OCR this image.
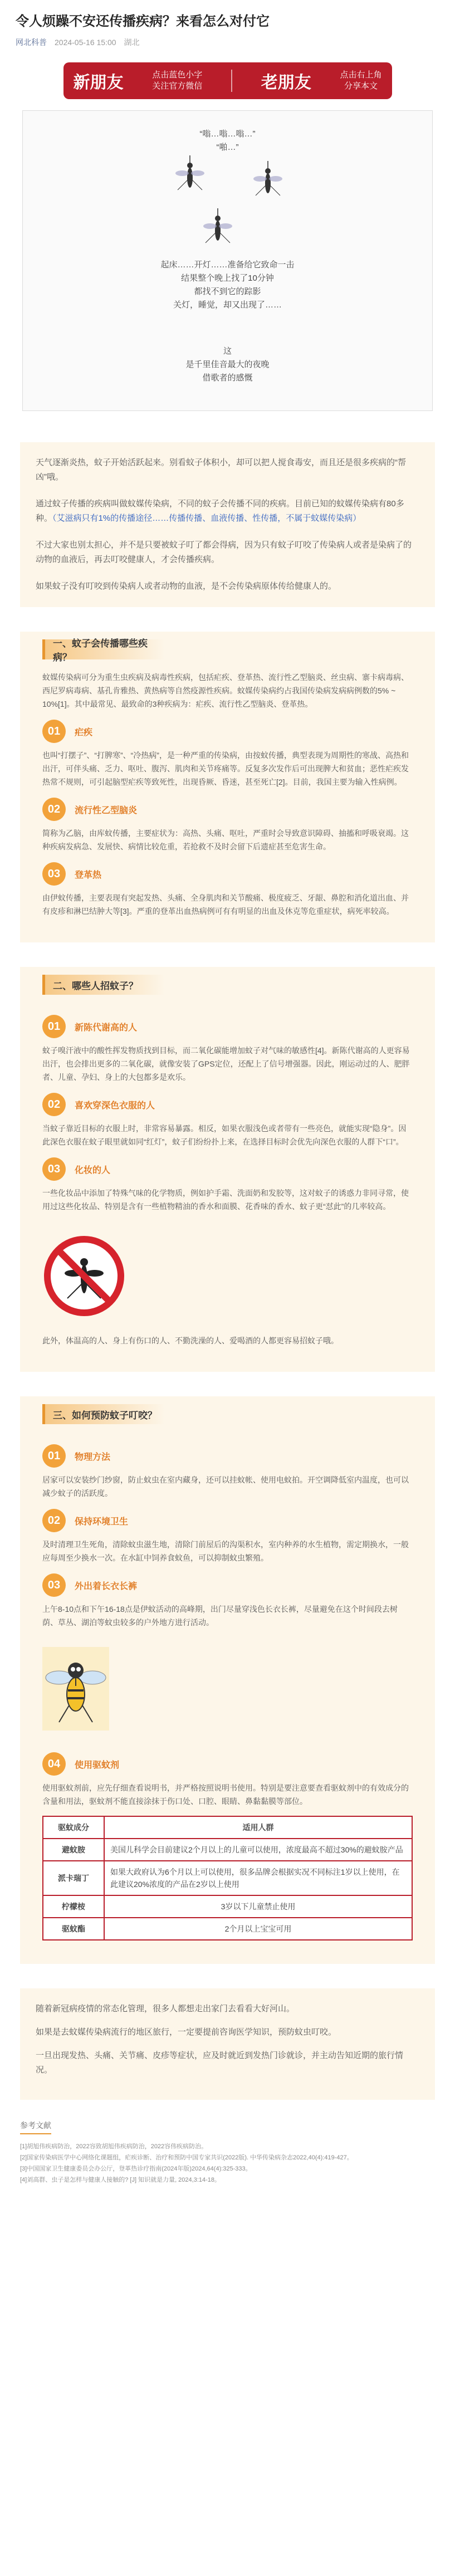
令人烦躁不安还传播疾病？来看怎么对付它
网北科普 2024-05-16 15:00 湖北
新朋友	点击蓝色小字
关注官方微信	老朋友	点击右上角
分享本文
“嗡…嗡…嗡…”
“啪…”
起床……开灯……准备给它致命一击
结果整个晚上找了10分钟
都找不到它的踪影
关灯，睡觉，却又出现了……
这
是千里佳音最大的夜晚
借歌者的感慨

天气逐渐炎热，蚊子开始活跃起来。别看蚊子体积小，却可以把人搅食毒安，而且还是很多疾病的“帮凶”哦。

通过蚊子传播的疾病叫做蚊媒传染病，不同的蚊子会传播不同的疾病。目前已知的蚊媒传染病有80多种。（艾滋病只有1%的传播途径……传播传播、血液传播、性传播，不属于蚊媒传染病）

不过大家也别太担心，并不是只要被蚊子叮了都会得病，因为只有蚊子叮咬了传染病人或者是染病了的动物的血液后，再去叮咬健康人，才会传播疾病。

如果蚊子没有叮咬到传染病人或者动物的血液，是不会传染病原体传给健康人的。

一、蚊子会传播哪些疾病？

蚊媒传染病可分为重生虫疾病及病毒性疾病，包括疟疾、登革热、流行性乙型脑炎、丝虫病、寨卡病毒病、西尼罗病毒病、基孔肯雅热、黄热病等自然疫源性疾病。蚊媒传染病约占我国传染病发病病例数的5% ~ 10%[1]。其中最常见、最致命的3种疾病为：疟疾、流行性乙型脑炎、登革热。

01	疟疾

也叫“打摆子”、“打脾寒”、“冷热病”，是一种严重的传染病，由按蚊传播，典型表现为周期性的寒战、高热和出汗，可伴头痛、乏力、呕吐、腹泻、肌肉和关节疼痛等。反复多次发作后可出现脾大和贫血；恶性疟疾发热常不规则，可引起脑型疟疾等致死性，出现昏厥、昏迷，甚至死亡[2]。目前，我国主要为输入性病例。

02	流行性乙型脑炎

简称为乙脑，由库蚊传播，主要症状为：高热、头痛、呕吐，严重时会导致意识障碍、抽搐和呼吸衰竭。这种疾病发病急、发展快、病情比较危重，若抢救不及时会留下后遗症甚至危害生命。

03	登革热

由伊蚊传播，主要表现有突起发热、头痛、全身肌肉和关节酸痛、极度疲乏、牙龈、鼻腔和消化道出血、并有皮疹和淋巴结肿大等[3]。严重的登革出血热病例可有有明显的出血及休克等危重症状，病死率较高。

二、哪些人招蚊子？
01	新陈代谢高的人

蚊子嗅汗液中的酸性挥发物质找到目标，而二氧化碳能增加蚊子对气味的敏感性[4]。新陈代谢高的人更容易出汗，也会排出更多的二氧化碳，就像安装了GPS定位，还配上了信号增强器。因此，刚运动过的人、肥胖者、儿童、孕妇、身上的大包都多是欢乐。

02	喜欢穿深色衣服的人

当蚊子靠近目标的衣服上时，非常容易暴露。相反，如果衣服浅色或者带有一些亮色，就能实现“隐身”。因此深色衣服在蚊子眼里就如同“红灯”，蚊子们纷纷扑上来，在选择目标时会优先向深色衣服的人群下“口”。

03	化妆的人

一些化妆品中添加了特殊气味的化学物质，例如护手霜、洗面奶和发胶等，这对蚊子的诱惑力非同寻常，使用过这些化妆品、特别是含有一些植物精油的香水和面膜、花香味的香水、蚊子更“怼此”的几率较高。

此外，体温高的人、身上有伤口的人、不勤洗澡的人、爱喝酒的人都更容易招蚊子哦。

三、如何预防蚊子叮咬？
01	物理方法

居家可以安装纱门纱窗，防止蚊虫在室内藏身，还可以挂蚊帐、使用电蚊拍。开空调降低室内温度，也可以减少蚊子的活跃度。

02	保持环境卫生

及时清理卫生死角，清除蚊虫滋生地，清除门前屋后的沟渠积水，室内种养的水生植物，需定期换水，一般应每周至少换水一次。在水缸中饲养食蚊鱼，可以抑制蚊虫繁殖。

03	外出着长衣长裤

上午8-10点和下午16-18点是伊蚊活动的高峰期，出门尽量穿浅色长衣长裤，尽量避免在这个时间段去树荫、草丛、湖泊等蚊虫较多的户外地方进行活动。

04	使用驱蚊剂

使用驱蚊剂前，应先仔细查看说明书，并严格按照说明书使用。特别是要注意要查看驱蚊剂中的有效成分的含量和用法，驱蚊剂不能直接涂抹于伤口处、口腔、眼睛、鼻黏黏膜等部位。

驱蚊成分	适用人群
避蚊胺	美国儿科学会目前建议2个月以上的儿童可以使用，浓度最高不超过30%的避蚊胺产品
派卡瑞丁	如果大政府认为6个月以上可以使用，很多品牌会根据实况不同标注1岁以上使用，在此建议20%浓度的产品在2岁以上使用
柠檬桉	3岁以下儿童禁止使用
驱蚊酯	2个月以上宝宝可用

随着新冠病疫情的常态化管理，很多人都想走出家门去看看大好河山。

如果是去蚊媒传染病流行的地区旅行，一定要提前咨询医学知识，预防蚊虫叮咬。

一旦出现发热、头痛、关节痛、皮疹等症状，应及时就近到发热门诊就诊，并主动告知近期的旅行情况。

参考文献

[1]胡旭伟疾病防治，2022容致胡旭伟疾病防治，2022容伟疾病防治。

[2]国家传染病医学中心网络化课题组，疟疾诊断、治疗和预防中国专家共识(2022版). 中华传染病杂志2022,40(4):419-427。

[3]中国国家卫生健康委员会办公厅，登革热诊疗指南(2024年版)2024,64(4):325-333。

[4]刘高群、虫子是怎样与健康人接触的? [J] 知识就是力量, 2024,3:14-18。
